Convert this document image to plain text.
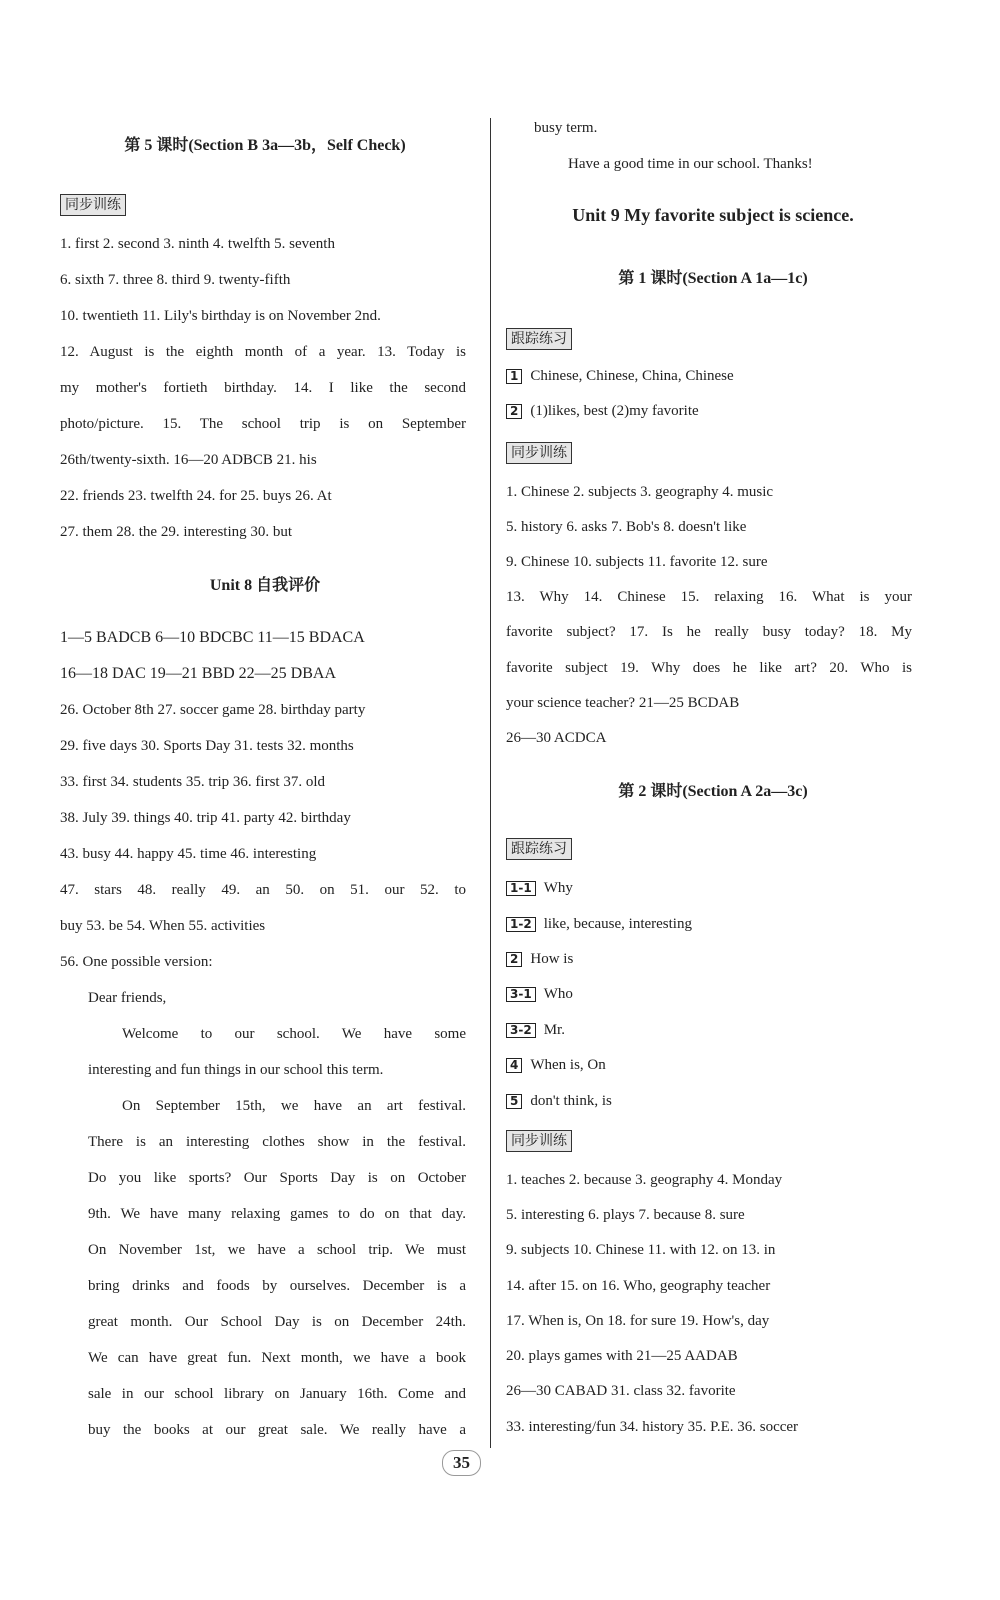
第 5 课时(Section B 3a—3b，Self Check)
同步训练
1. first 2. second 3. ninth 4. twelfth 5. seventh
6. sixth 7. three 8. third 9. twenty-fifth
10. twentieth 11. Lily's birthday is on November 2nd.
12. August is the eighth month of a year. 13. Today is
my mother's fortieth birthday. 14. I like the second
photo/picture. 15. The school trip is on September
26th/twenty-sixth. 16—20 ADBCB 21. his
22. friends 23. twelfth 24. for 25. buys 26. At
27. them 28. the 29. interesting 30. but
Unit 8 自我评价
1—5 BADCB 6—10 BDCBC 11—15 BDACA
16—18 DAC 19—21 BBD 22—25 DBAA
26. October 8th 27. soccer game 28. birthday party
29. five days 30. Sports Day 31. tests 32. months
33. first 34. students 35. trip 36. first 37. old
38. July 39. things 40. trip 41. party 42. birthday
43. busy 44. happy 45. time 46. interesting
47. stars 48. really 49. an 50. on 51. our 52. to
buy 53. be 54. When 55. activities
56. One possible version:
Dear friends,
Welcome to our school. We have some
interesting and fun things in our school this term.
On September 15th, we have an art festival.
There is an interesting clothes show in the festival.
Do you like sports? Our Sports Day is on October
9th. We have many relaxing games to do on that day.
On November 1st, we have a school trip. We must
bring drinks and foods by ourselves. December is a
great month. Our School Day is on December 24th.
We can have great fun. Next month, we have a book
sale in our school library on January 16th. Come and
buy the books at our great sale. We really have a
busy term.
Have a good time in our school. Thanks!
Unit 9 My favorite subject is science.
第 1 课时(Section A 1a—1c)
跟踪练习
1 Chinese, Chinese, China, Chinese
2 (1)likes, best (2)my favorite
同步训练
1. Chinese 2. subjects 3. geography 4. music
5. history 6. asks 7. Bob's 8. doesn't like
9. Chinese 10. subjects 11. favorite 12. sure
13. Why 14. Chinese 15. relaxing 16. What is your
favorite subject? 17. Is he really busy today? 18. My
favorite subject 19. Why does he like art? 20. Who is
your science teacher? 21—25 BCDAB
26—30 ACDCA
第 2 课时(Section A 2a—3c)
跟踪练习
1-1 Why
1-2 like, because, interesting
2 How is
3-1 Who
3-2 Mr.
4 When is, On
5 don't think, is
同步训练
1. teaches 2. because 3. geography 4. Monday
5. interesting 6. plays 7. because 8. sure
9. subjects 10. Chinese 11. with 12. on 13. in
14. after 15. on 16. Who, geography teacher
17. When is, On 18. for sure 19. How's, day
20. plays games with 21—25 AADAB
26—30 CABAD 31. class 32. favorite
33. interesting/fun 34. history 35. P.E. 36. soccer
35
